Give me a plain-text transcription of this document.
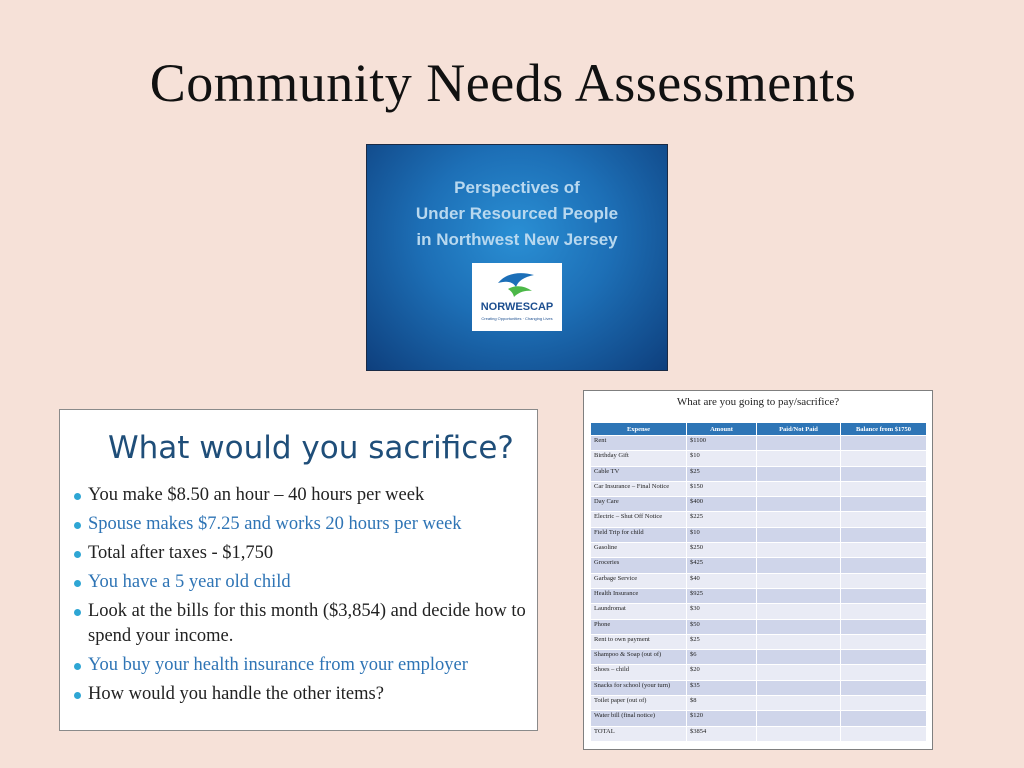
Community Needs Assessments
Perspectives of
Under Resourced People
in Northwest New Jersey
NORWESCAP
Creating Opportunities · Changing Lives
What would you sacrifice?
You make $8.50 an hour – 40 hours per week
Spouse makes $7.25 and works 20 hours per week
Total after taxes - $1,750
You have a 5 year old child
Look at the bills for this month ($3,854) and decide how to spend your income.
You buy your health insurance from your employer
How would you handle the other items?
What are you going to pay/sacrifice?
Expense	Amount	Paid/Not Paid	Balance from $1750
Rent	$1100		
Birthday Gift	$10		
Cable TV	$25		
Car Insurance – Final Notice	$150		
Day Care	$400		
Electric – Shut Off Notice	$225		
Field Trip for child	$10		
Gasoline	$250		
Groceries	$425		
Garbage Service	$40		
Health Insurance	$925		
Laundromat	$30		
Phone	$50		
Rent to own payment	$25		
Shampoo & Soap (out of)	$6		
Shoes – child	$20		
Snacks for school (your turn)	$35		
Toilet paper (out of)	$8		
Water bill (final notice)	$120		
TOTAL	$3854		
